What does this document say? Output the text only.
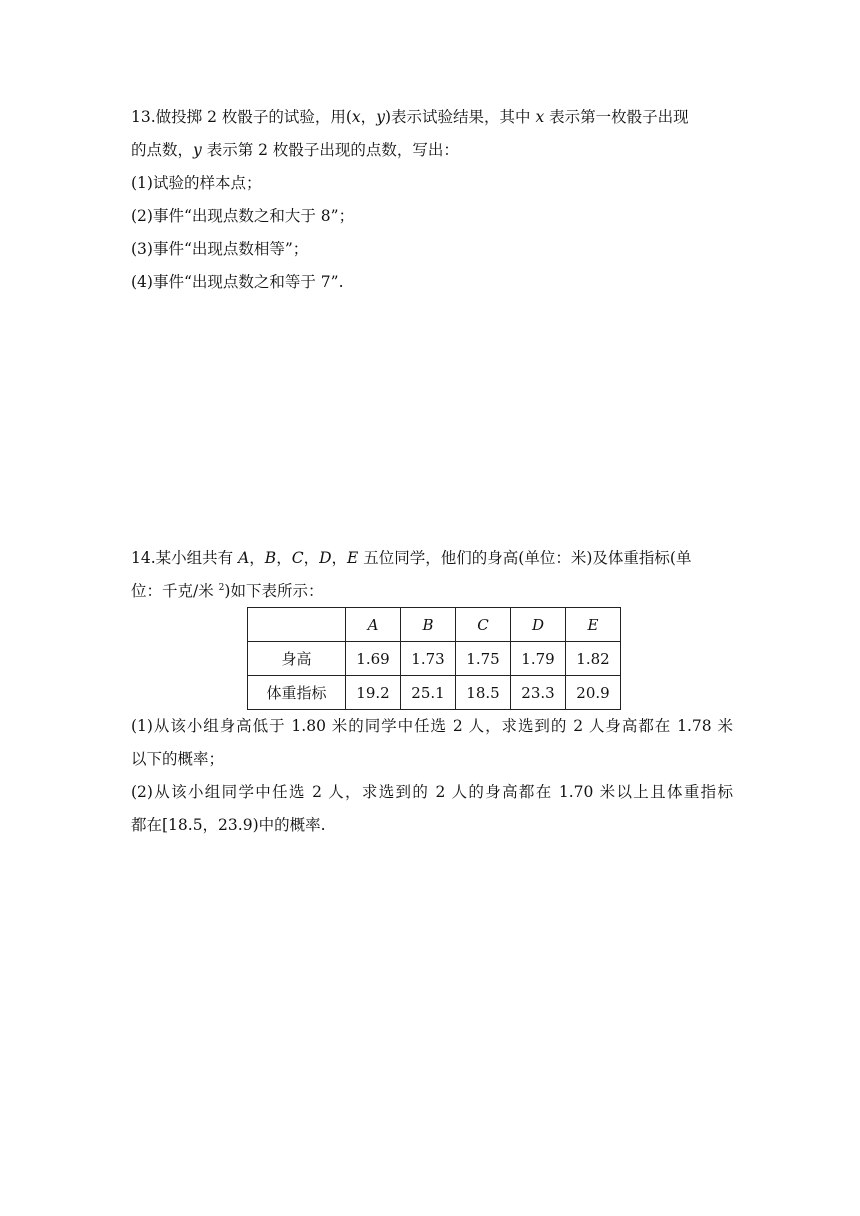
13.做投掷 2 枚骰子的试验，用(x，y)表示试验结果，其中 x 表示第一枚骰子出现
的点数，y 表示第 2 枚骰子出现的点数，写出：
(1)试验的样本点；
(2)事件“出现点数之和大于 8”；
(3)事件“出现点数相等”；
(4)事件“出现点数之和等于 7”.
14.某小组共有 A，B，C，D，E 五位同学，他们的身高(单位：米)及体重指标(单
位：千克/米 $^2$)如下表所示：
	A	B	C	D	E
身高	1.69	1.73	1.75	1.79	1.82
体重指标	19.2	25.1	18.5	23.3	20.9
(1)从该小组身高低于 1.80 米的同学中任选 2 人，求选到的 2 人身高都在 1.78 米
以下的概率；
(2)从该小组同学中任选 2 人，求选到的 2 人的身高都在 1.70 米以上且体重指标
都在[18.5，23.9)中的概率.
